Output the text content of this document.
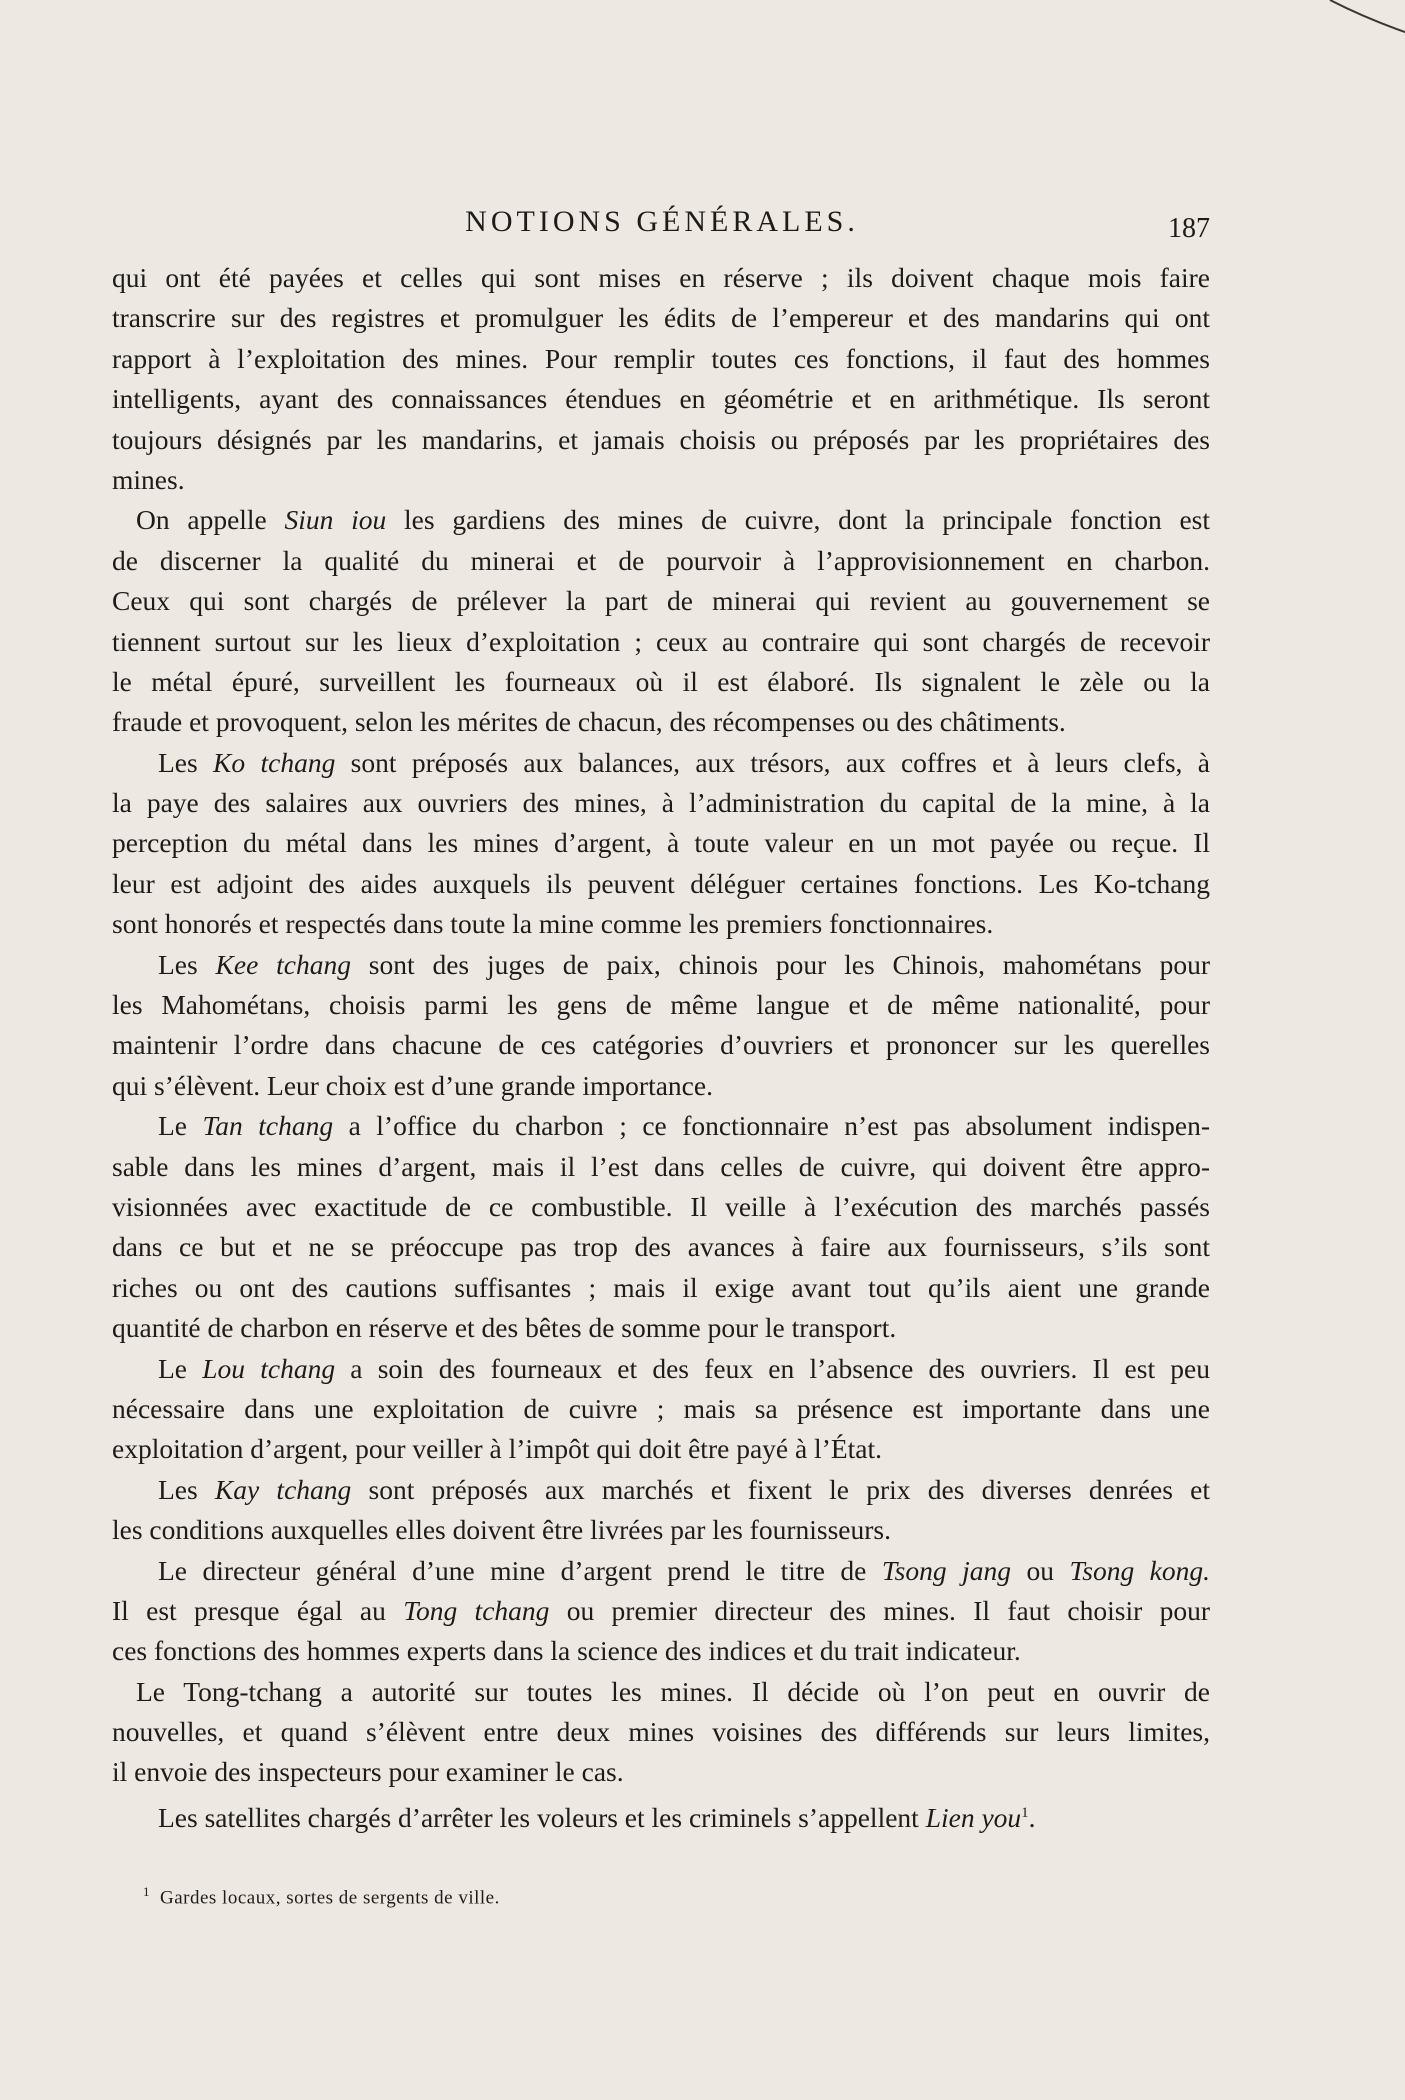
NOTIONS GÉNÉRALES.	187
qui ont été payées et celles qui sont mises en réserve ; ils doivent chaque mois faire
transcrire sur des registres et promulguer les édits de l’empereur et des mandarins qui ont
rapport à l’exploitation des mines. Pour remplir toutes ces fonctions, il faut des hommes
intelligents, ayant des connaissances étendues en géométrie et en arithmétique. Ils seront
toujours désignés par les mandarins, et jamais choisis ou préposés par les propriétaires des
mines.
On appelle Siun iou les gardiens des mines de cuivre, dont la principale fonction est
de discerner la qualité du minerai et de pourvoir à l’approvisionnement en charbon.
Ceux qui sont chargés de prélever la part de minerai qui revient au gouvernement se
tiennent surtout sur les lieux d’exploitation ; ceux au contraire qui sont chargés de recevoir
le métal épuré, surveillent les fourneaux où il est élaboré. Ils signalent le zèle ou la
fraude et provoquent, selon les mérites de chacun, des récompenses ou des châtiments.
Les Ko tchang sont préposés aux balances, aux trésors, aux coffres et à leurs clefs, à
la paye des salaires aux ouvriers des mines, à l’administration du capital de la mine, à la
perception du métal dans les mines d’argent, à toute valeur en un mot payée ou reçue. Il
leur est adjoint des aides auxquels ils peuvent déléguer certaines fonctions. Les Ko-tchang
sont honorés et respectés dans toute la mine comme les premiers fonctionnaires.
Les Kee tchang sont des juges de paix, chinois pour les Chinois, mahométans pour
les Mahométans, choisis parmi les gens de même langue et de même nationalité, pour
maintenir l’ordre dans chacune de ces catégories d’ouvriers et prononcer sur les querelles
qui s’élèvent. Leur choix est d’une grande importance.
Le Tan tchang a l’office du charbon ; ce fonctionnaire n’est pas absolument indispen-
sable dans les mines d’argent, mais il l’est dans celles de cuivre, qui doivent être appro-
visionnées avec exactitude de ce combustible. Il veille à l’exécution des marchés passés
dans ce but et ne se préoccupe pas trop des avances à faire aux fournisseurs, s’ils sont
riches ou ont des cautions suffisantes ; mais il exige avant tout qu’ils aient une grande
quantité de charbon en réserve et des bêtes de somme pour le transport.
Le Lou tchang a soin des fourneaux et des feux en l’absence des ouvriers. Il est peu
nécessaire dans une exploitation de cuivre ; mais sa présence est importante dans une
exploitation d’argent, pour veiller à l’impôt qui doit être payé à l’État.
Les Kay tchang sont préposés aux marchés et fixent le prix des diverses denrées et
les conditions auxquelles elles doivent être livrées par les fournisseurs.
Le directeur général d’une mine d’argent prend le titre de Tsong jang ou Tsong kong.
Il est presque égal au Tong tchang ou premier directeur des mines. Il faut choisir pour
ces fonctions des hommes experts dans la science des indices et du trait indicateur.
Le Tong-tchang a autorité sur toutes les mines. Il décide où l’on peut en ouvrir de
nouvelles, et quand s’élèvent entre deux mines voisines des différends sur leurs limites,
il envoie des inspecteurs pour examiner le cas.
Les satellites chargés d’arrêter les voleurs et les criminels s’appellent Lien you$^1$.
$^1$ Gardes locaux, sortes de sergents de ville.
